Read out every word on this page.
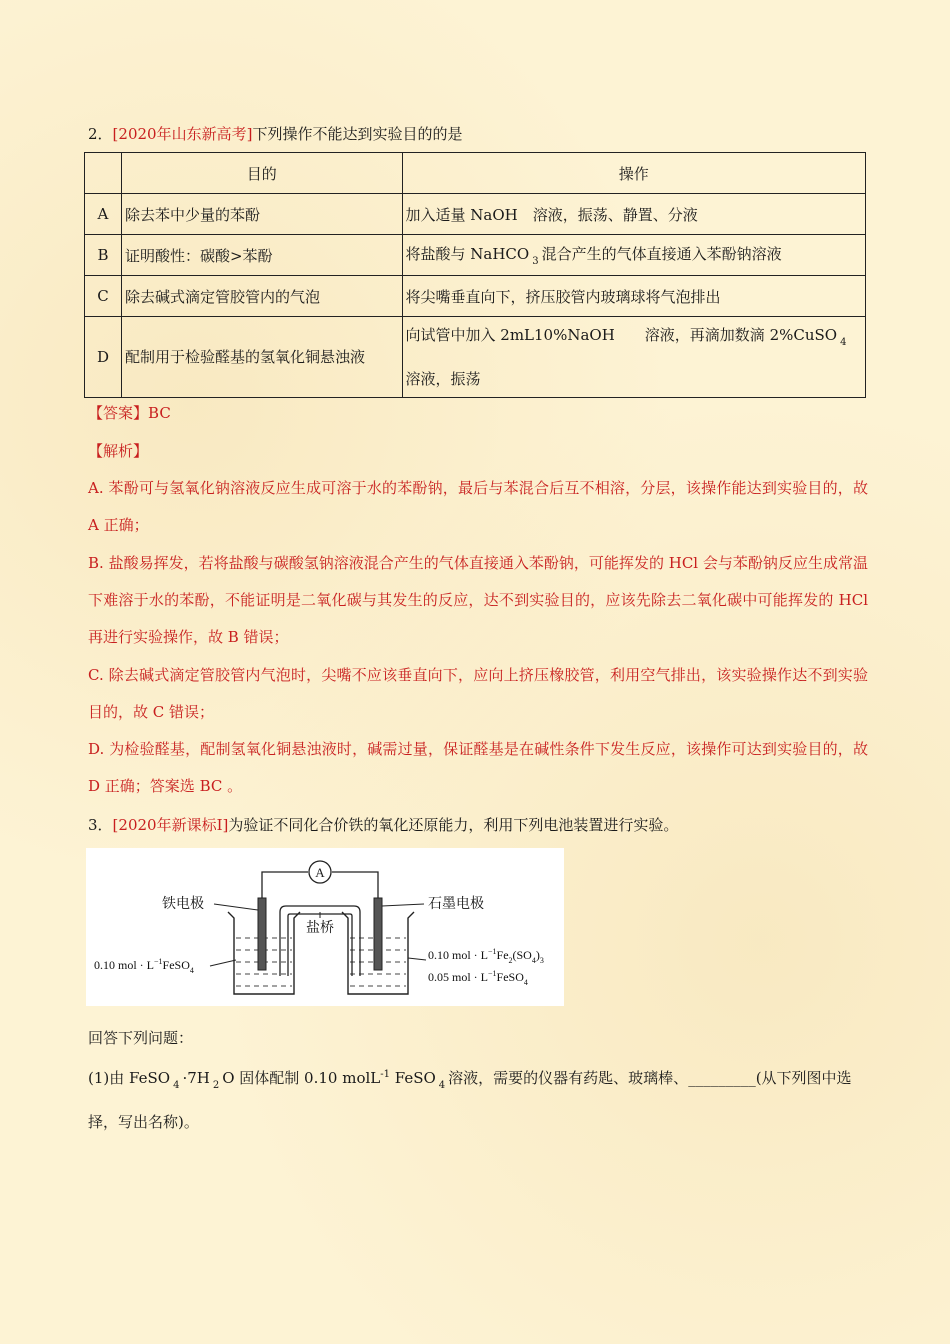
2．[2020年山东新高考]下列操作不能达到实验目的的是
	目的	操作
A	除去苯中少量的苯酚	加入适量 NaOH　溶液，振荡、静置、分液
B	证明酸性：碳酸>苯酚	将盐酸与 NaHCO $_3$ 混合产生的气体直接通入苯酚钠溶液
C	除去碱式滴定管胶管内的气泡	将尖嘴垂直向下，挤压胶管内玻璃球将气泡排出
D	配制用于检验醛基的氢氧化铜悬浊液	向试管中加入 2mL10%NaOH　　溶液，再滴加数滴 2%CuSO $_4$溶液，振荡
【答案】BC
【解析】
A. 苯酚可与氢氧化钠溶液反应生成可溶于水的苯酚钠，最后与苯混合后互不相溶，分层，该操作能达到实验目的，故 A 正确；
B. 盐酸易挥发，若将盐酸与碳酸氢钠溶液混合产生的气体直接通入苯酚钠，可能挥发的 HCl 会与苯酚钠反应生成常温下难溶于水的苯酚，不能证明是二氧化碳与其发生的反应，达不到实验目的，应该先除去二氧化碳中可能挥发的 HCl 再进行实验操作，故 B 错误；
C. 除去碱式滴定管胶管内气泡时，尖嘴不应该垂直向下，应向上挤压橡胶管，利用空气排出，该实验操作达不到实验目的，故 C 错误；
D. 为检验醛基，配制氢氧化铜悬浊液时，碱需过量，保证醛基是在碱性条件下发生反应，该操作可达到实验目的，故 D 正确；答案选 BC 。
3．[2020年新课标Ⅰ]为验证不同化合价铁的氧化还原能力，利用下列电池装置进行实验。
A
铁电极	石墨电极
盐桥
0.10 mol · $L^{-1}FeSO_4$
0.10 mol · $L^{-1}Fe_2(SO_4)_3$
0.05 mol · $L^{-1}FeSO_4$
回答下列问题：
(1)由 FeSO $_4$ ·7H $_2$ O 固体配制 0.10 molL$^{-1}$ FeSO $_4$ 溶液，需要的仪器有药匙、玻璃棒、_________(从下列图中选择，写出名称)。
